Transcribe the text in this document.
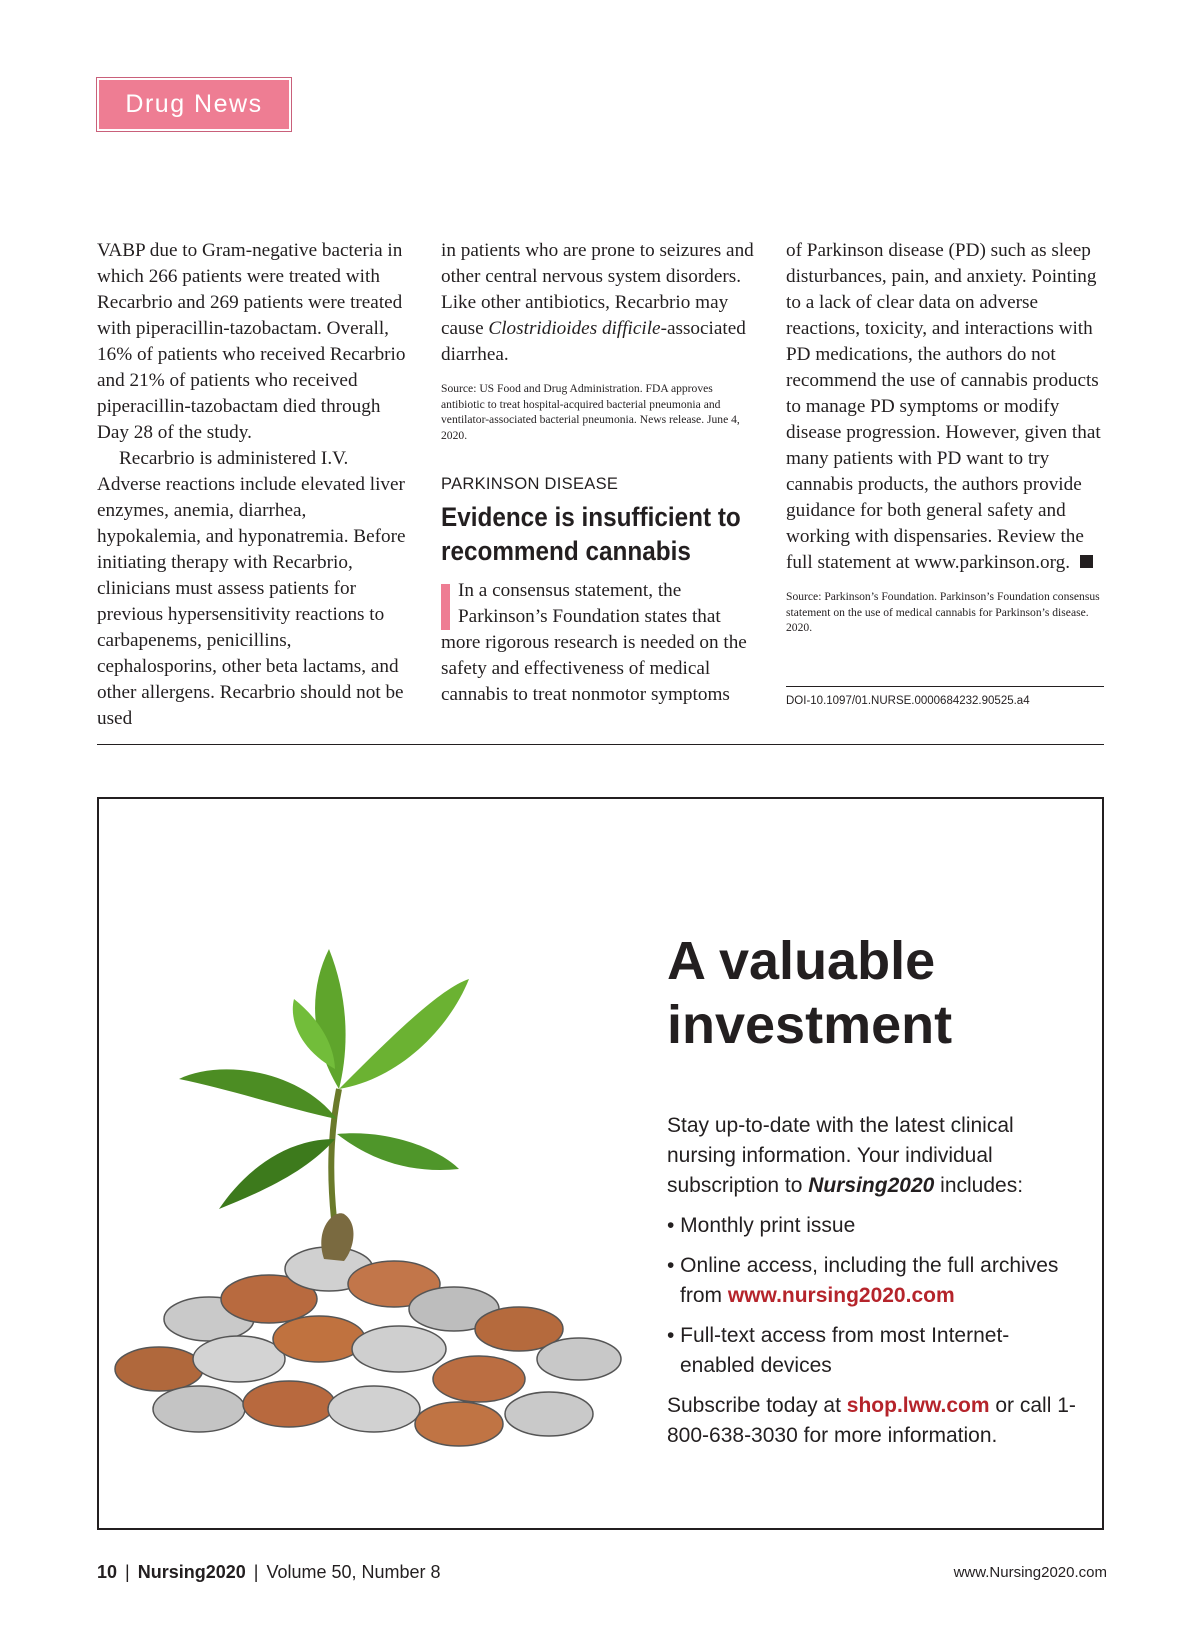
Drug News

VABP due to Gram-negative bacteria in which 266 patients were treated with Recarbrio and 269 patients were treated with piperacillin-tazobactam. Overall, 16% of patients who received Recarbrio and 21% of patients who received piperacillin-tazobactam died through Day 28 of the study.

Recarbrio is administered I.V. Adverse reactions include elevated liver enzymes, anemia, diarrhea, hypokalemia, and hyponatremia. Before initiating therapy with Recarbrio, clinicians must assess patients for previous hypersensitivity reactions to carbapenems, penicillins, cephalosporins, other beta lactams, and other allergens. Recarbrio should not be used

in patients who are prone to seizures and other central nervous system disorders. Like other antibiotics, Recarbrio may cause Clostridioides difficile-associated diarrhea.

Source: US Food and Drug Administration. FDA approves antibiotic to treat hospital-acquired bacterial pneumonia and ventilator-associated bacterial pneumonia. News release. June 4, 2020.

PARKINSON DISEASE
Evidence is insufficient to recommend cannabis

In a consensus statement, the Parkinson’s Foundation states that more rigorous research is needed on the safety and effectiveness of medical cannabis to treat nonmotor symptoms

of Parkinson disease (PD) such as sleep disturbances, pain, and anxiety. Pointing to a lack of clear data on adverse reactions, toxicity, and interactions with PD medications, the authors do not recommend the use of cannabis products to manage PD symptoms or modify disease progression. However, given that many patients with PD want to try cannabis products, the authors provide guidance for both general safety and working with dispensaries. Review the full statement at www.parkinson.org.

Source: Parkinson’s Foundation. Parkinson’s Foundation consensus statement on the use of medical cannabis for Parkinson’s disease. 2020.

DOI-10.1097/01.NURSE.0000684232.90525.a4
A valuable investment

Stay up-to-date with the latest clinical nursing information. Your individual subscription to Nursing2020 includes:

• Monthly print issue
• Online access, including the full archives from www.nursing2020.com
• Full-text access from most Internet-enabled devices

Subscribe today at shop.lww.com or call 1-800-638-3030 for more information.

10 | Nursing2020 | Volume 50, Number 8	www.Nursing2020.com
